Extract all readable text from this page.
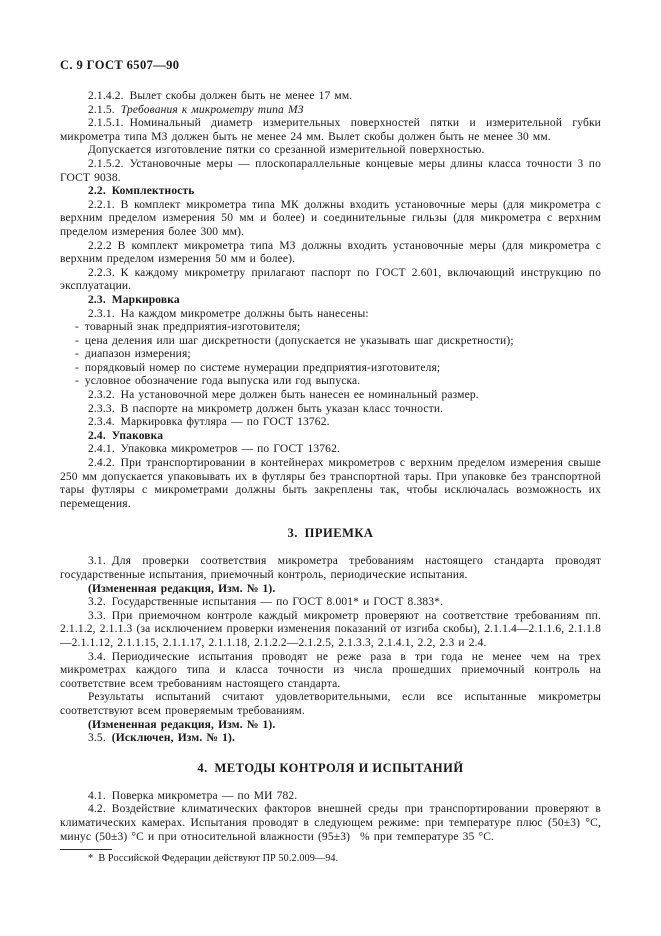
С. 9 ГОСТ 6507—90

2.1.4.2. Вылет скобы должен быть не менее 17 мм.

2.1.5.  Требования к микрометру типа МЗ

2.1.5.1. Номинальный диаметр измерительных поверхностей пятки и измерительной губки микрометра типа МЗ должен быть не менее 24 мм. Вылет скобы должен быть не менее 30 мм.

Допускается изготовление пятки со срезанной измерительной поверхностью.

2.1.5.2. Установочные меры — плоскопараллельные концевые меры длины класса точности 3 по ГОСТ 9038.

2.2. Комплектность

2.2.1. В комплект микрометра типа МК должны входить установочные меры (для микрометра с верхним пределом измерения 50 мм и более) и соединительные гильзы (для микрометра с верхним пределом измерения более 300 мм).

2.2.2 В комплект микрометра типа МЗ должны входить установочные меры (для микрометра с верхним пределом измерения 50 мм и более).

2.2.3. К каждому микрометру прилагают паспорт по ГОСТ 2.601, включающий инструкцию по эксплуатации.

2.3. Маркировка

2.3.1. На каждом микрометре должны быть нанесены:

- товарный знак предприятия-изготовителя;

- цена деления или шаг дискретности (допускается не указывать шаг дискретности);

- диапазон измерения;

- порядковый номер по системе нумерации предприятия-изготовителя;

- условное обозначение года выпуска или год выпуска.

2.3.2. На установочной мере должен быть нанесен ее номинальный размер.

2.3.3. В паспорте на микрометр должен быть указан класс точности.

2.3.4. Маркировка футляра — по ГОСТ 13762.

2.4. Упаковка

2.4.1. Упаковка микрометров — по ГОСТ 13762.

2.4.2. При транспортировании в контейнерах микрометров с верхним пределом измерения свыше 250 мм допускается упаковывать их в футляры без транспортной тары. При упаковке без транспортной тары футляры с микрометрами должны быть закреплены так, чтобы исключалась возможность их перемещения.

3. ПРИЕМКА

3.1. Для проверки соответствия микрометра требованиям настоящего стандарта проводят государственные испытания, приемочный контроль, периодические испытания.

(Измененная редакция, Изм. № 1).

3.2. Государственные испытания — по ГОСТ 8.001* и ГОСТ 8.383*.

3.3. При приемочном контроле каждый микрометр проверяют на соответствие требованиям пп. 2.1.1.2, 2.1.1.3 (за исключением проверки изменения показаний от изгиба скобы), 2.1.1.4—2.1.1.6, 2.1.1.8—2.1.1.12, 2.1.1.15, 2.1.1.17, 2.1.1.18, 2.1.2.2—2.1.2.5, 2.1.3.3, 2.1.4.1, 2.2, 2.3 и 2.4.

3.4. Периодические испытания проводят не реже раза в три года не менее чем на трех микрометрах каждого типа и класса точности из числа прошедших приемочный контроль на соответствие всем требованиям настоящего стандарта.

Результаты испытаний считают удовлетворительными, если все испытанные микрометры соответствуют всем проверяемым требованиям.

(Измененная редакция, Изм. № 1).

3.5.  (Исключен, Изм. № 1).

4. МЕТОДЫ КОНТРОЛЯ И ИСПЫТАНИЙ

4.1. Поверка микрометра — по МИ 782.

4.2. Воздействие климатических факторов внешней среды при транспортировании проверяют в климатических камерах. Испытания проводят в следующем режиме: при температуре плюс (50±3) °С, минус (50±3) °С и при относительной влажности (95±3)  % при температуре 35 °С.

* В Российской Федерации действуют ПР 50.2.009—94.
